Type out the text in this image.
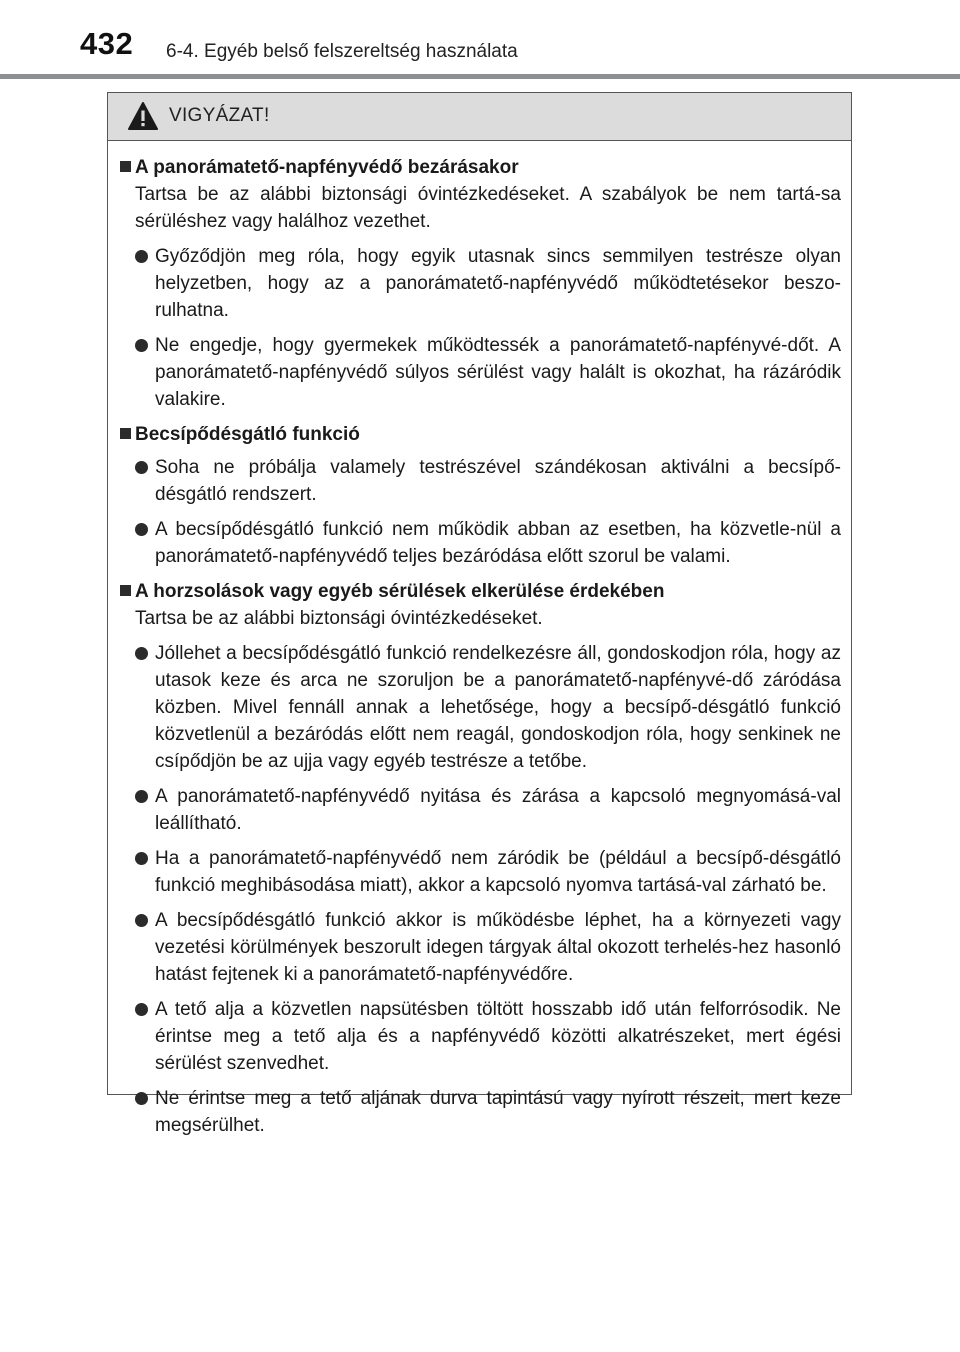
432 6-4. Egyéb belső felszereltség használata
VIGYÁZAT!
A panorámatető-napfényvédő bezárásakor

Tartsa be az alábbi biztonsági óvintézkedéseket. A szabályok be nem tartá-sa sérüléshez vagy halálhoz vezethet.

Győződjön meg róla, hogy egyik utasnak sincs semmilyen testrésze olyan helyzetben, hogy az a panorámatető-napfényvédő működtetésekor beszo-rulhatna.
Ne engedje, hogy gyermekek működtessék a panorámatető-napfényvé-dőt. A panorámatető-napfényvédő súlyos sérülést vagy halált is okozhat, ha rázáródik valakire.
Becsípődésgátló funkció
Soha ne próbálja valamely testrészével szándékosan aktiválni a becsípő-désgátló rendszert.
A becsípődésgátló funkció nem működik abban az esetben, ha közvetle-nül a panorámatető-napfényvédő teljes bezáródása előtt szorul be valami.
A horzsolások vagy egyéb sérülések elkerülése érdekében

Tartsa be az alábbi biztonsági óvintézkedéseket.

Jóllehet a becsípődésgátló funkció rendelkezésre áll, gondoskodjon róla, hogy az utasok keze és arca ne szoruljon be a panorámatető-napfényvé-dő záródása közben. Mivel fennáll annak a lehetősége, hogy a becsípő-désgátló funkció közvetlenül a bezáródás előtt nem reagál, gondoskodjon róla, hogy senkinek ne csípődjön be az ujja vagy egyéb testrésze a tetőbe.
A panorámatető-napfényvédő nyitása és zárása a kapcsoló megnyomásá-val leállítható.
Ha a panorámatető-napfényvédő nem záródik be (például a becsípő-désgátló funkció meghibásodása miatt), akkor a kapcsoló nyomva tartásá-val zárható be.
A becsípődésgátló funkció akkor is működésbe léphet, ha a környezeti vagy vezetési körülmények beszorult idegen tárgyak által okozott terhelés-hez hasonló hatást fejtenek ki a panorámatető-napfényvédőre.
A tető alja a közvetlen napsütésben töltött hosszabb idő után felforrósodik. Ne érintse meg a tető alja és a napfényvédő közötti alkatrészeket, mert égési sérülést szenvedhet.
Ne érintse meg a tető aljának durva tapintású vagy nyírott részeit, mert keze megsérülhet.
